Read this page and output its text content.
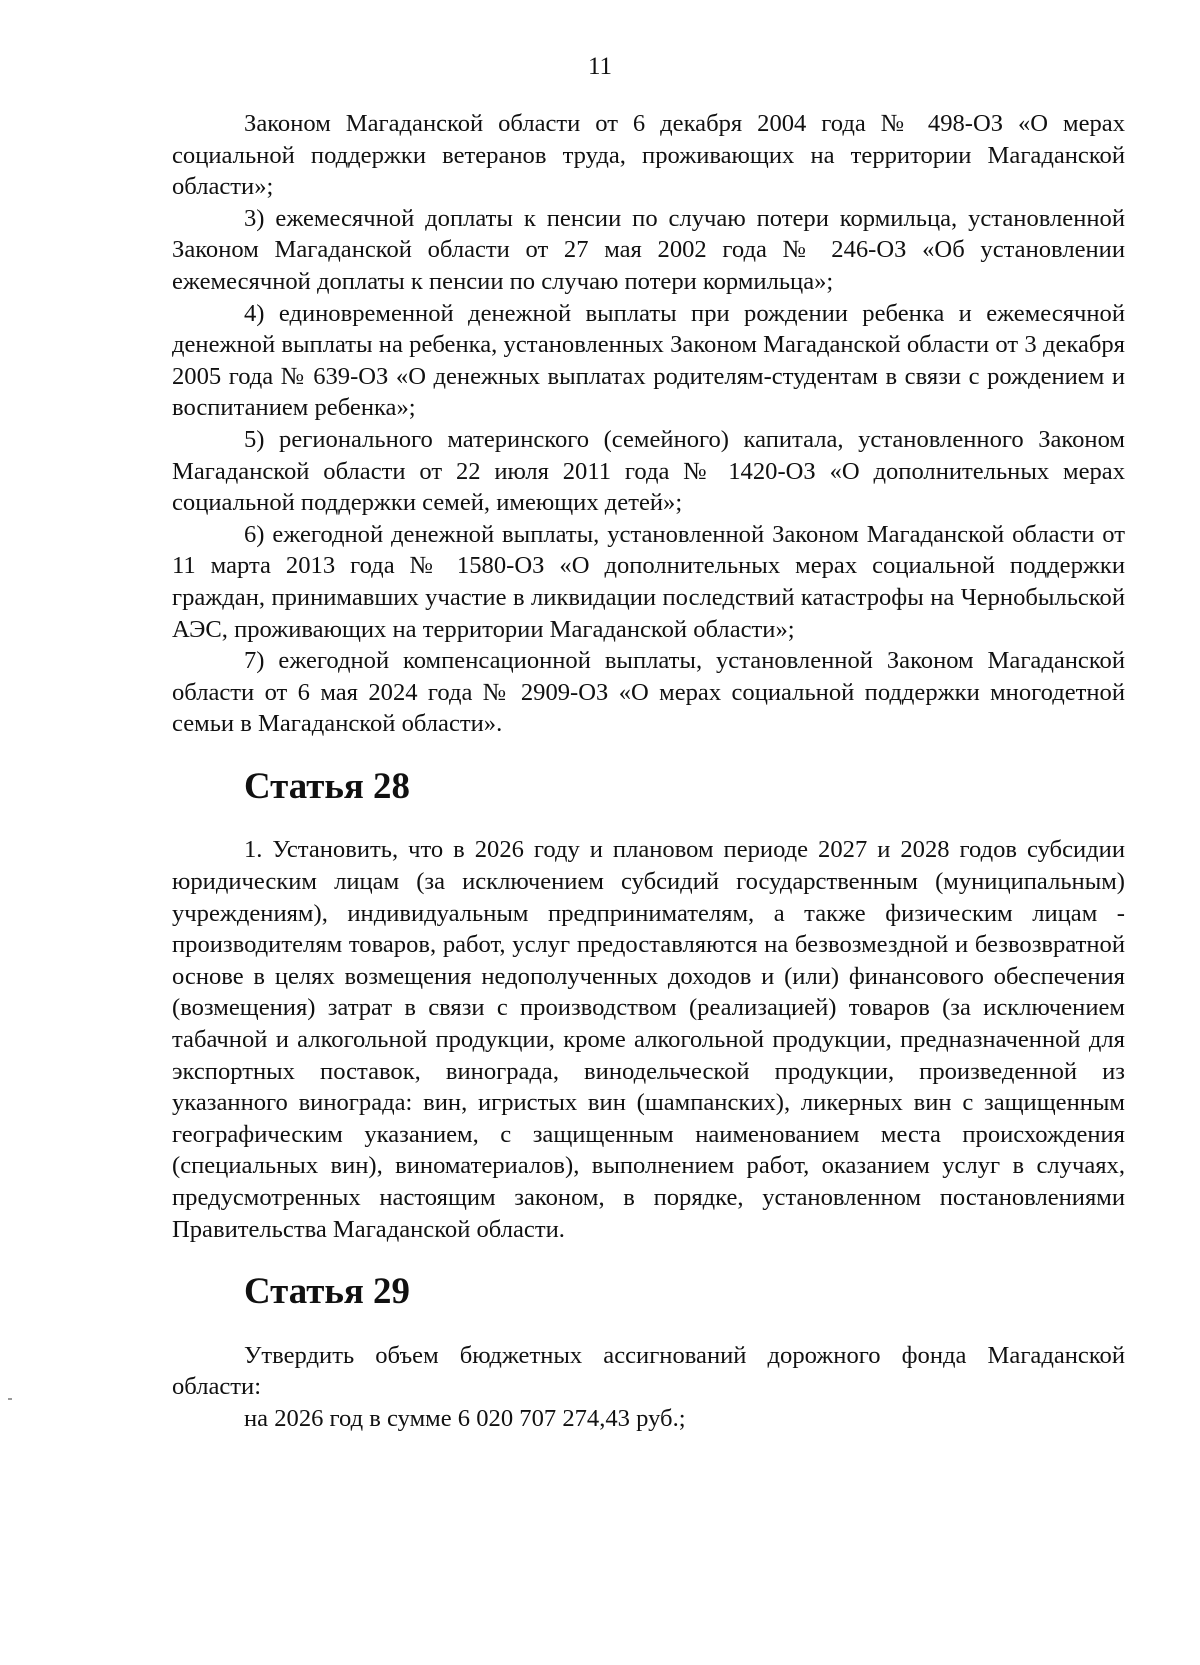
11

Законом Магаданской области от 6 декабря 2004 года № 498-ОЗ «О мерах социальной поддержки ветеранов труда, проживающих на территории Магаданской области»;

3) ежемесячной доплаты к пенсии по случаю потери кормильца, установленной Законом Магаданской области от 27 мая 2002 года № 246-ОЗ «Об установлении ежемесячной доплаты к пенсии по случаю потери кормильца»;

4) единовременной денежной выплаты при рождении ребенка и ежемесячной денежной выплаты на ребенка, установленных Законом Магаданской области от 3 декабря 2005 года № 639-ОЗ «О денежных выплатах родителям-студентам в связи с рождением и воспитанием ребенка»;

5) регионального материнского (семейного) капитала, установленного Законом Магаданской области от 22 июля 2011 года № 1420-ОЗ «О дополнительных мерах социальной поддержки семей, имеющих детей»;

6) ежегодной денежной выплаты, установленной Законом Магаданской области от 11 марта 2013 года № 1580-ОЗ «О дополнительных мерах социальной поддержки граждан, принимавших участие в ликвидации последствий катастрофы на Чернобыльской АЭС, проживающих на территории Магаданской области»;

7) ежегодной компенсационной выплаты, установленной Законом Магаданской области от 6 мая 2024 года № 2909-ОЗ «О мерах социальной поддержки многодетной семьи в Магаданской области».

Статья 28

1. Установить, что в 2026 году и плановом периоде 2027 и 2028 годов субсидии юридическим лицам (за исключением субсидий государственным (муниципальным) учреждениям), индивидуальным предпринимателям, а также физическим лицам - производителям товаров, работ, услуг предоставляются на безвозмездной и безвозвратной основе в целях возмещения недополученных доходов и (или) финансового обеспечения (возмещения) затрат в связи с производством (реализацией) товаров (за исключением табачной и алкогольной продукции, кроме алкогольной продукции, предназначенной для экспортных поставок, винограда, винодельческой продукции, произведенной из указанного винограда: вин, игристых вин (шампанских), ликерных вин с защищенным географическим указанием, с защищенным наименованием места происхождения (специальных вин), виноматериалов), выполнением работ, оказанием услуг в случаях, предусмотренных настоящим законом, в порядке, установленном постановлениями Правительства Магаданской области.

Статья 29

Утвердить объем бюджетных ассигнований дорожного фонда Магаданской области:

на 2026 год в сумме 6 020 707 274,43 руб.;
